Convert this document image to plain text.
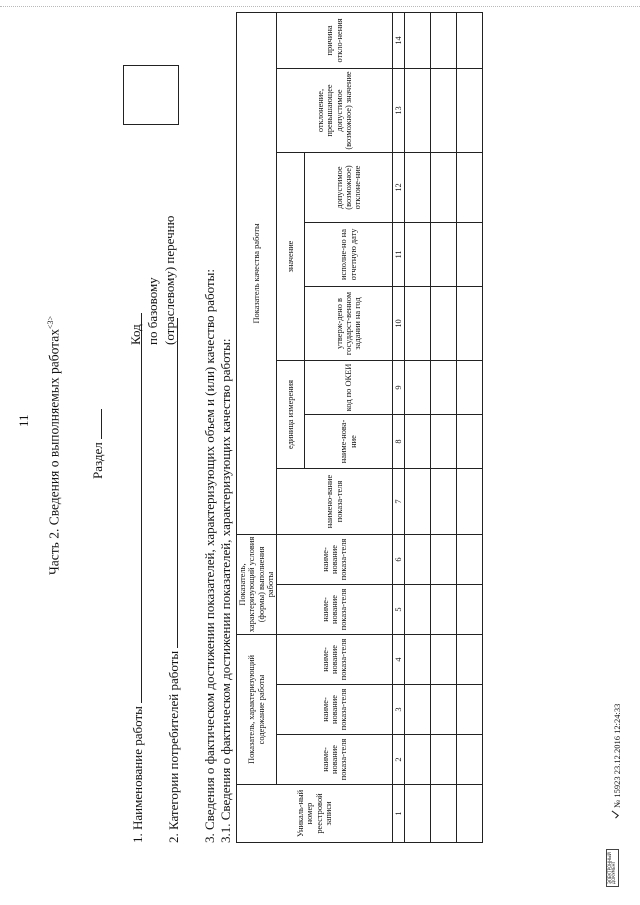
11 Часть 2. Сведения о выполняемых работах$^{<3>}$
Раздел
1. Наименование работы
Код по базовому (отраслевому) перечню
2. Категории потребителей работы 3. Сведения о фактическом достижении показателей, характеризующих объем и (или) качество работы: 3.1. Сведения о фактическом достижении показателей, характеризующих качество работы:	Уникаль-ный номер реестровой записи	Показатель, характеризующий содержание работы			Показатель, характеризующий условия (формы) выполнения работы		Показатель качества работы							
	наиме-нование показа-теля	наиме-нование показа-теля	наиме-нование показа-теля	наиме-нование показа-теля	наиме-нование показа-теля	наимено-вание показа-теля	единица измерения		значение			отклонение, превышающее допустимое (возможное) значение	причина откло-нения
							наиме-нова-ние	код по ОКЕИ	утверж-дено в государст-венном задании на год	исполне-но на отчетную дату	допустимое (возможное) отклоне-ние		
1	2	3	4	5	6	7	8	9	10	11	12	13	14

ЭЛЕКТРОННЫЙ ДОКУМЕНТ
№ 15923 23.12.2016 12:24:33
